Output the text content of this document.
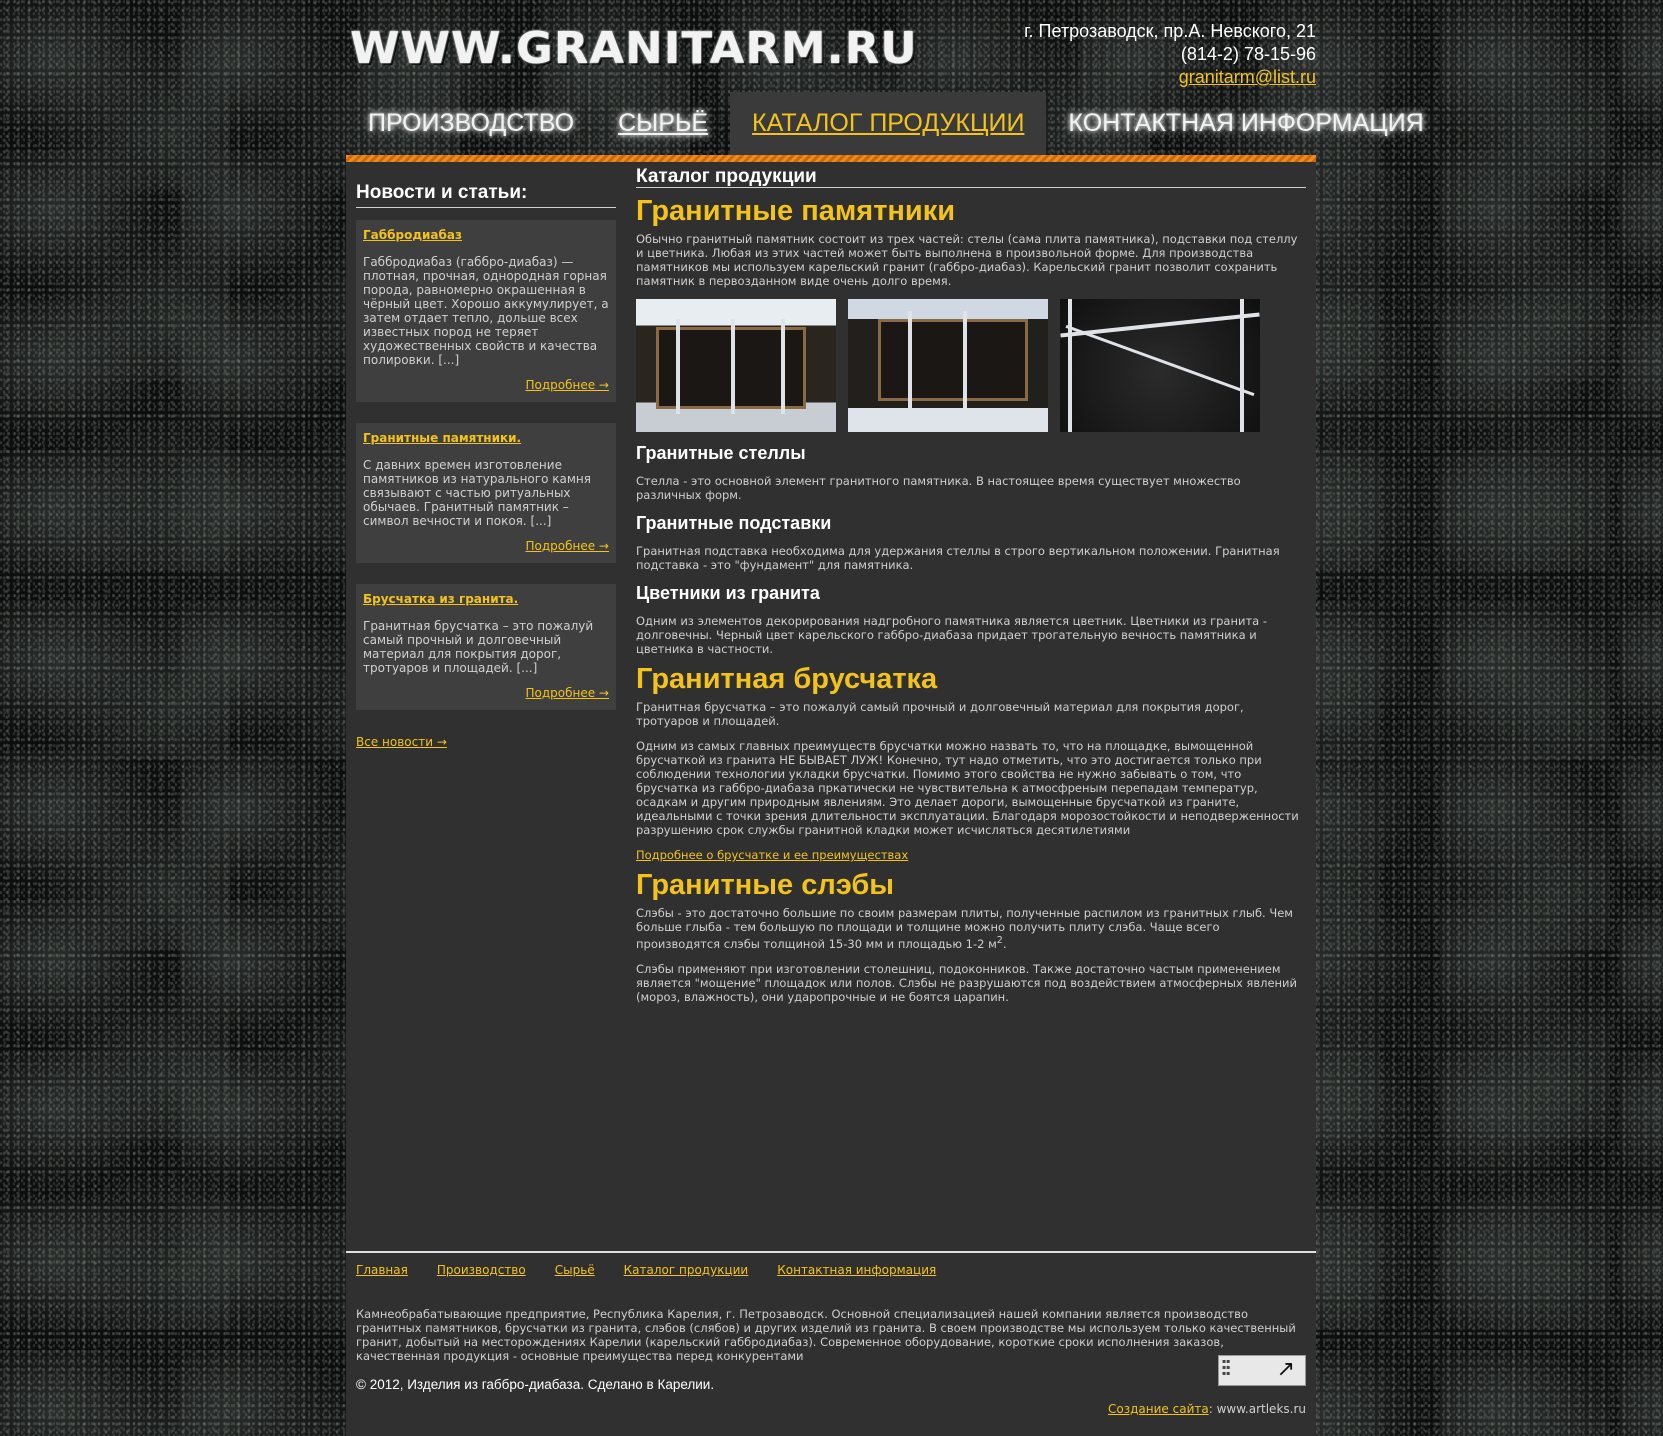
WWW.GRANITARM.RU	г. Петрозаводск, пр.А. Невского, 21
(814-2) 78-15-96
granitarm@list.ru
ПРОИЗВОДСТВО	СЫРЬЁ	КАТАЛОГ ПРОДУКЦИИ	КОНТАКТНАЯ ИНФОРМАЦИЯ
Новости и статьи:
Габбродиабаз
Габбродиабаз (габбро-диабаз) — плотная, прочная, однородная горная порода, равномерно окрашенная в чёрный цвет. Хорошо аккумулирует, а затем отдает тепло, дольше всех известных пород не теряет художественных свойств и качества полировки. [...]
Подробнее →
Гранитные памятники.
С давних времен изготовление памятников из натурального камня связывают с частью ритуальных обычаев. Гранитный памятник – символ вечности и покоя. [...]
Подробнее →
Брусчатка из гранита.
Гранитная брусчатка – это пожалуй самый прочный и долговечный материал для покрытия дорог, тротуаров и площадей. [...]
Подробнее →
Все новости →
Каталог продукции
Гранитные памятники

Обычно гранитный памятник состоит из трех частей: стелы (сама плита памятника), подставки под стеллу и цветника. Любая из этих частей может быть выполнена в произвольной форме. Для производства памятников мы используем карельский гранит (габбро-диабаз). Карельский гранит позволит сохранить памятник в первозданном виде очень долго время.

Гранитные стеллы

Стелла - это основной элемент гранитного памятника. В настоящее время существует множество различных форм.

Гранитные подставки

Гранитная подставка необходима для удержания стеллы в строго вертикальном положении. Гранитная подставка - это "фундамент" для памятника.

Цветники из гранита

Одним из элементов декорирования надгробного памятника является цветник. Цветники из гранита - долговечны. Черный цвет карельского габбро-диабаза придает трогательную вечность памятника и цветника в частности.

Гранитная брусчатка

Гранитная брусчатка – это пожалуй самый прочный и долговечный материал для покрытия дорог, тротуаров и площадей.

Одним из самых главных преимуществ брусчатки можно назвать то, что на площадке, вымощенной брусчаткой из гранита НЕ БЫВАЕТ ЛУЖ! Конечно, тут надо отметить, что это достигается только при соблюдении технологии укладки брусчатки. Помимо этого свойства не нужно забывать о том, что брусчатка из габбро-диабаза пркатически не чувствительна к атмосфреным перепадам температур, осадкам и другим природным явлениям. Это делает дороги, вымощенные брусчаткой из граните, идеальными с точки зрения длительности эксплуатации. Благодаря морозостойкости и неподверженности разрушению срок службы гранитной кладки может исчисляться десятилетиями

Подробнее о брусчатке и ее преимуществах

Гранитные слэбы

Слэбы - это достаточно большие по своим размерам плиты, полученные распилом из гранитных глыб. Чем больше глыба - тем большую по площади и толщине можно получить плиту слэба. Чаще всего производятся слэбы толщиной 15-30 мм и площадью 1-2 $м^2$.

Слэбы применяют при изготовлении столешниц, подоконников. Также достаточно частым применением является "мощение" площадок или полов. Слэбы не разрушаются под воздействием атмосферных явлений (мороз, влажность), они ударопрочные и не боятся царапин.

Главная Производство Сырьё Каталог продукции Контактная информация
Камнеобрабатывающие предприятие, Республика Карелия, г. Петрозаводск. Основной специализацией нашей компании является производство гранитных памятников, брусчатки из гранита, слэбов (слябов) и других изделий из гранита. В своем производстве мы используем только качественный гранит, добытый на месторождениях Карелии (карельский габбродиабаз). Современное оборудование, короткие сроки исполнения заказов, качественная продукция - основные преимущества перед конкурентами	▪▪
▪▪
▪▪ ↗
© 2012, Изделия из габбро-диабаза. Сделано в Карелии.
Создание сайта: www.artleks.ru
